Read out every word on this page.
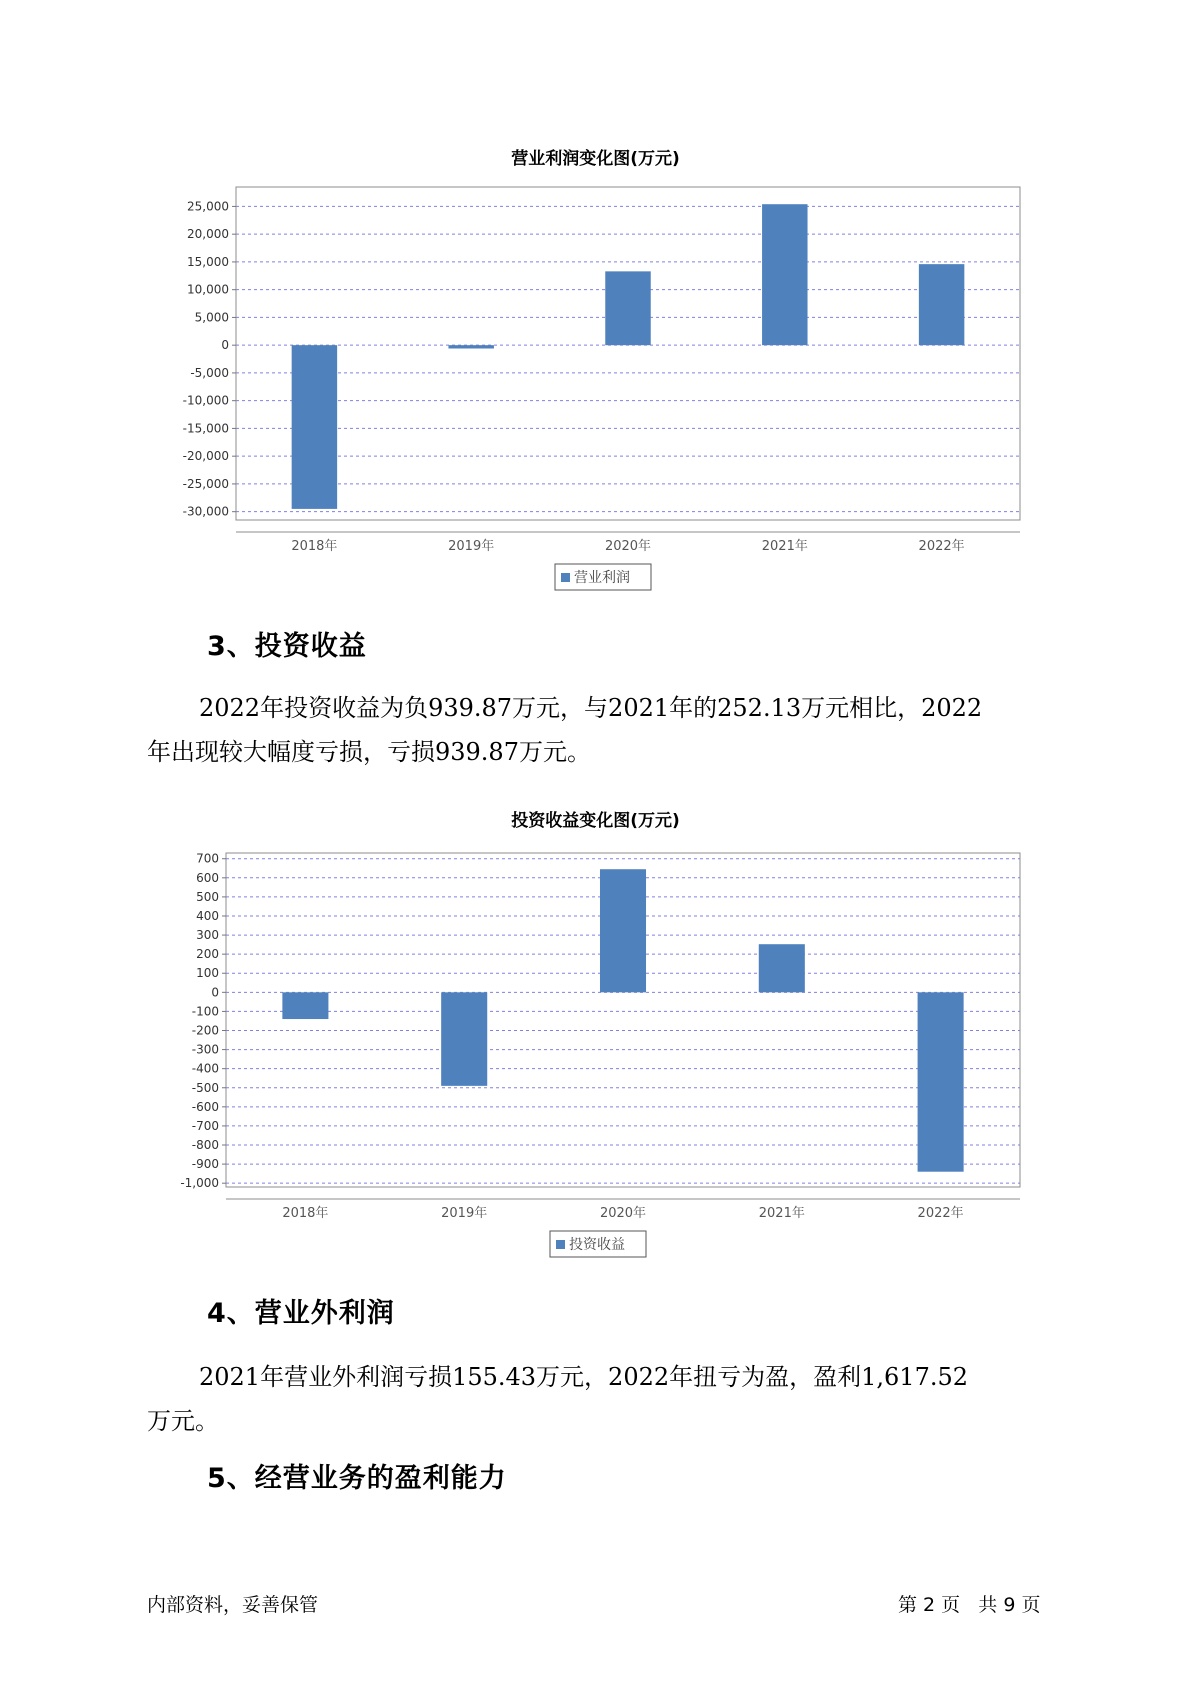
营业利润变化图(万元)
25,000
20,000
15,000
10,000
5,000
0
-5,000
-10,000
-15,000
-20,000
-25,000
-30,000
2018年	2019年	2020年	2021年	2022年
营业利润
3、投资收益

2022年投资收益为负939.87万元，与2021年的252.13万元相比，2022
年出现较大幅度亏损，亏损939.87万元。

投资收益变化图(万元)
700
600
500
400
300
200
100
0
-100
-200
-300
-400
-500
-600
-700
-800
-900
-1,000
2018年	2019年	2020年	2021年	2022年
投资收益
4、营业外利润

2021年营业外利润亏损155.43万元，2022年扭亏为盈，盈利1,617.52
万元。

5、经营业务的盈利能力
内部资料，妥善保管	第 2 页   共 9 页
